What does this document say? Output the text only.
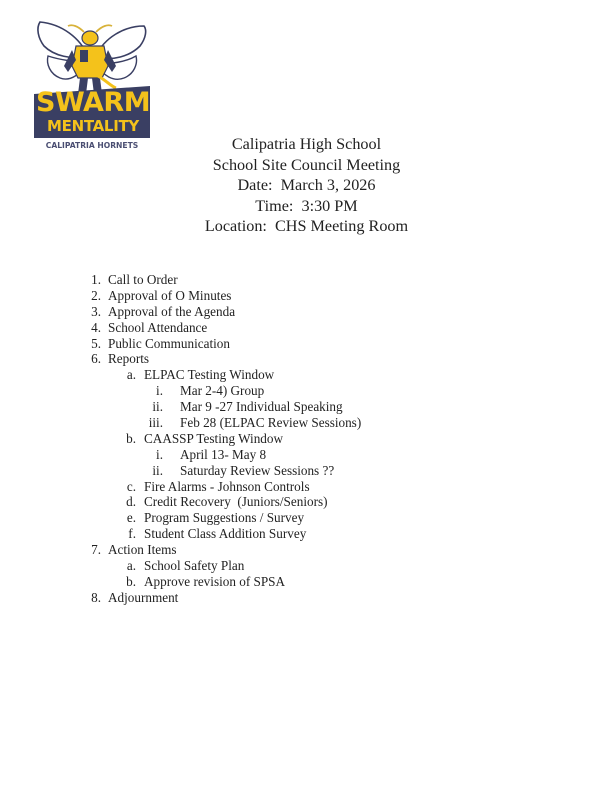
SWARM
MENTALITY
CALIPATRIA HORNETS	Calipatria High School
School Site Council Meeting
Date:  March 3, 2026
Time:  3:30 PM
Location:  CHS Meeting Room
1. Call to Order
2. Approval of O Minutes
3. Approval of the Agenda
4. School Attendance
5. Public Communication
6. Reports
a. ELPAC Testing Window
i. Mar 2-4) Group
ii. Mar 9 -27 Individual Speaking
iii. Feb 28 (ELPAC Review Sessions)
b. CAASSP Testing Window
i. April 13- May 8
ii. Saturday Review Sessions ??
c. Fire Alarms - Johnson Controls
d. Credit Recovery  (Juniors/Seniors)
e. Program Suggestions / Survey
f. Student Class Addition Survey
7. Action Items
a. School Safety Plan
b. Approve revision of SPSA
8. Adjournment
